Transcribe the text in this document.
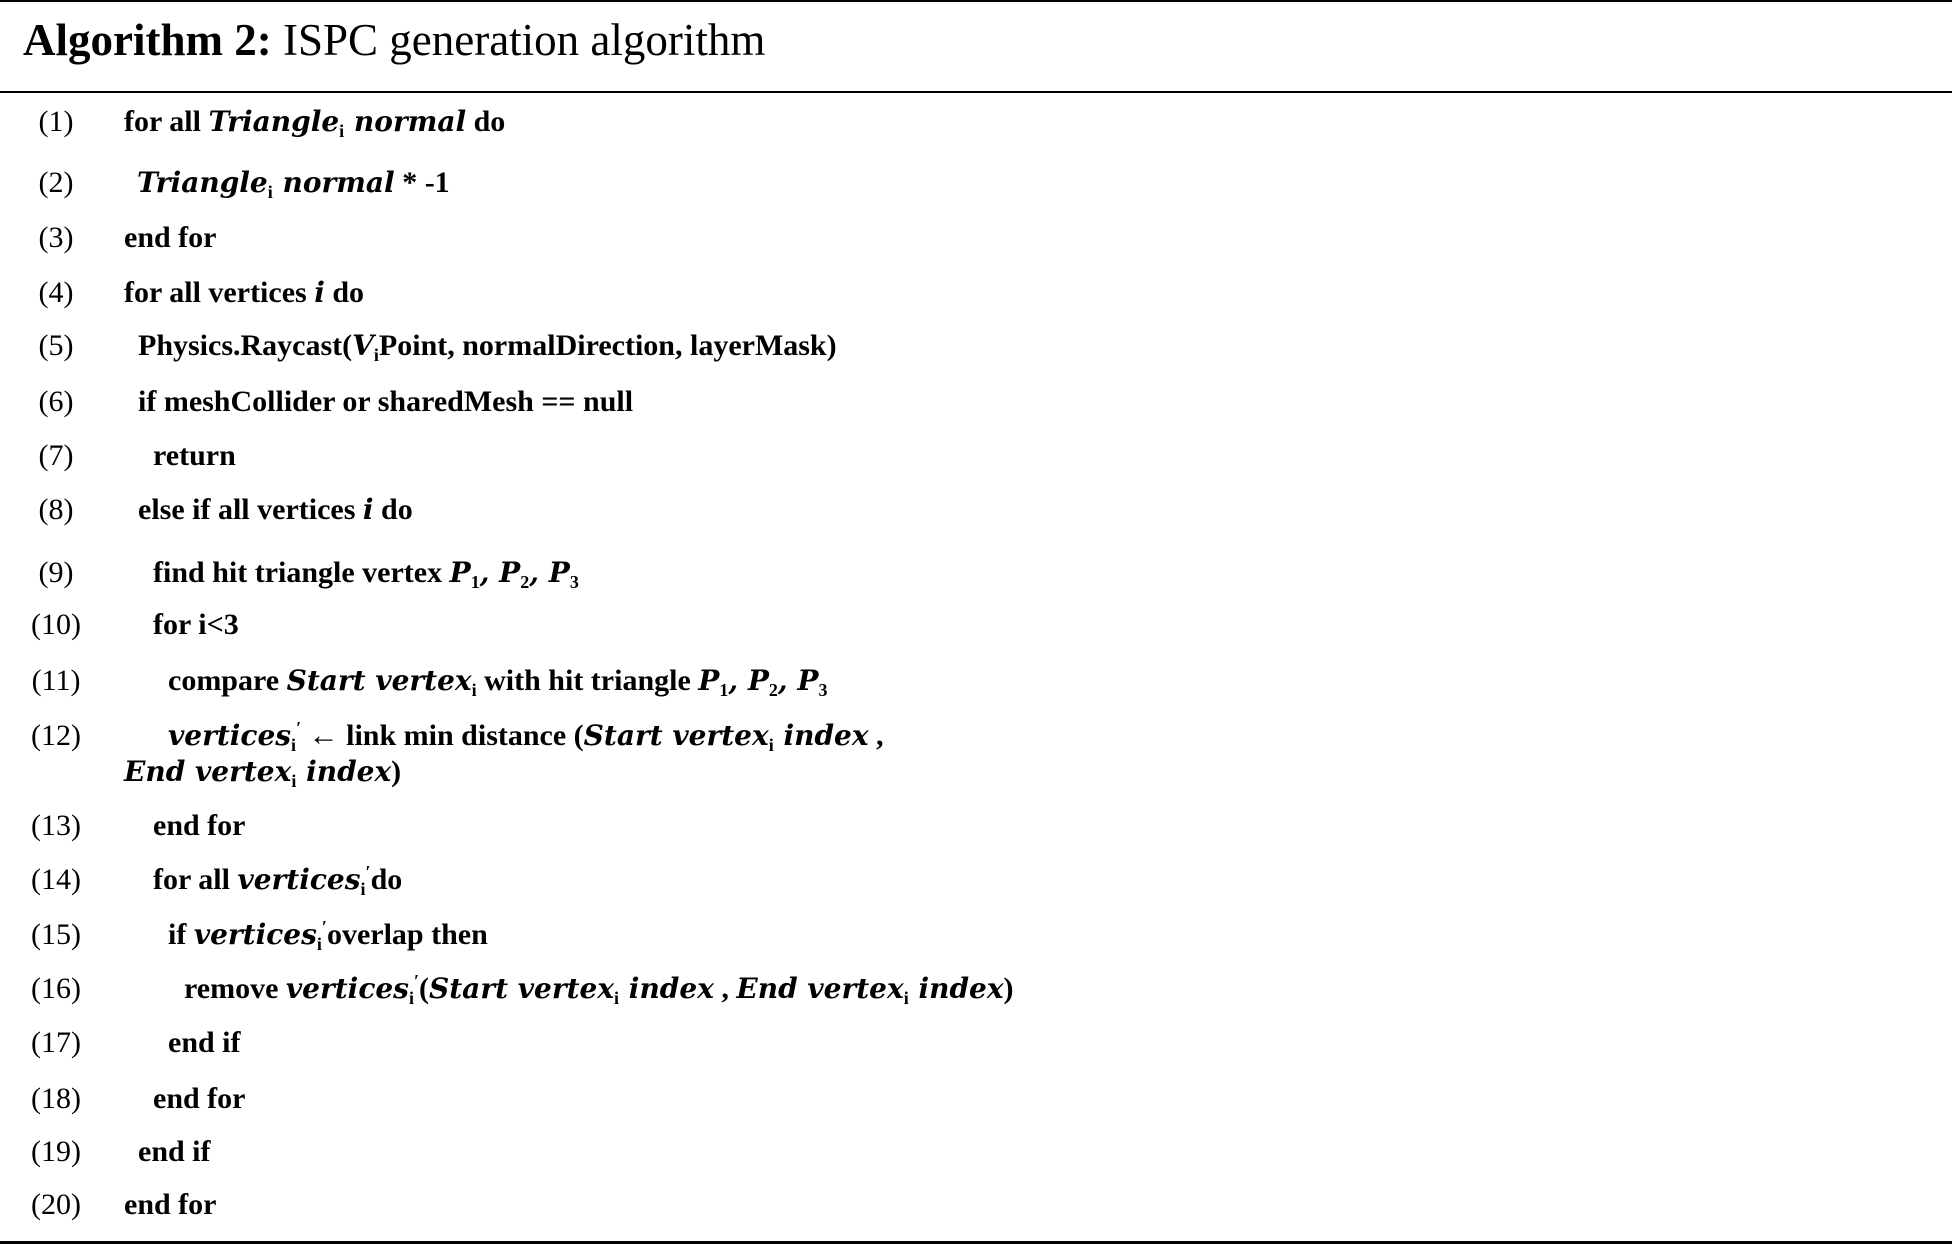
Algorithm 2: ISPC generation algorithm
(1)	for all Triangle$_i$ normal do
(2)	Triangle$_i$ normal * -1
(3)	end for
(4)	for all vertices i do
(5)	$Physics.Raycast(V_iPoint$, normalDirection, layerMask)
(6)	if meshCollider or sharedMesh == null
(7)	return
(8)	else if all vertices i do
(9)	find hit triangle vertex $P_1$, $P_2$, $P_3$
(10)	for i<3
(11)	compare Start vertex$_i$ with hit triangle $P_1$, $P_2$, $P_3$
(12)	vertices$_i$′ ← link min distance (Start vertex$_i$ index ,
End vertex$_i$ index)
(13)	end for
(14)	for all vertices$_i$′do
(15)	if vertices$_i$′overlap then
(16)	remove vertices$_i$′(Start vertex$_i$ index , End vertex$_i$ index)
(17)	end if
(18)	end for
(19)	end if
(20)	end for
